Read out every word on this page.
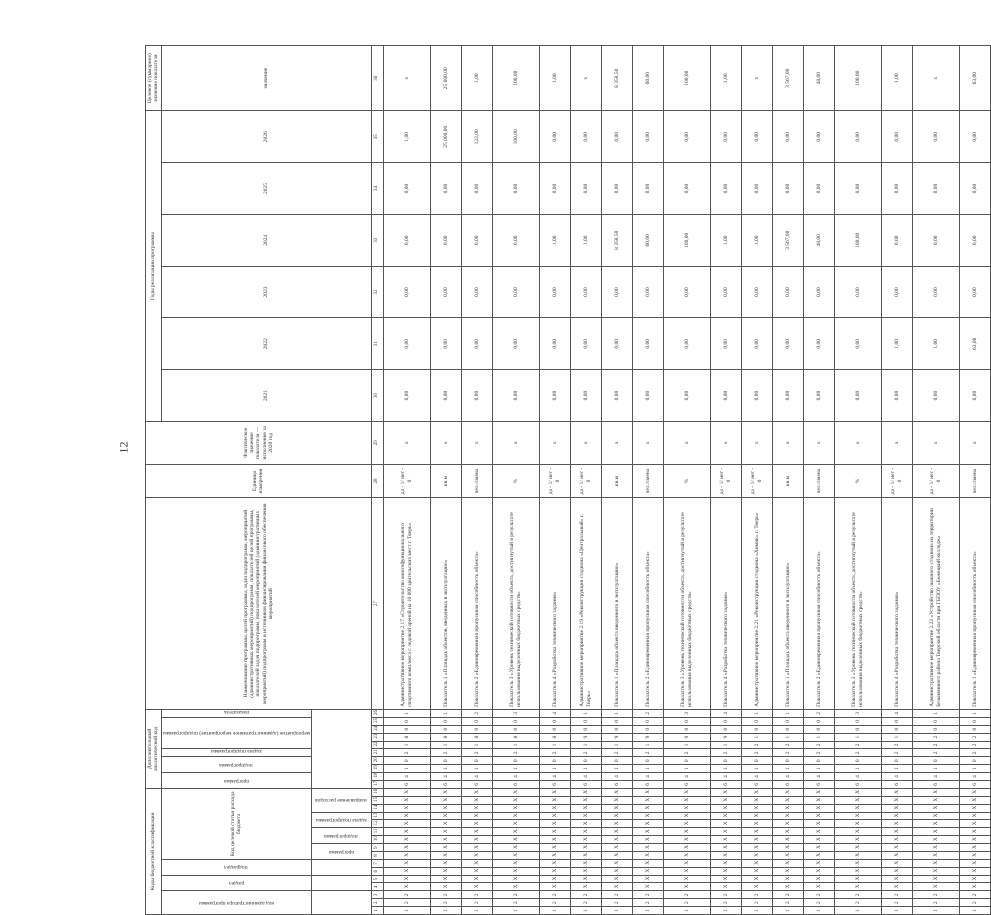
12
Коды бюджетной классификации																Дополнительный аналитический код										Наименование программы, целей программы, задач подпрограмм, мероприятий (административных мероприятий) подпрограмм, показателей целей программы, показателей задач подпрограмм, показателей мероприятий (административных мероприятий) подпрограмм и источников финансирования финансового обеспечения мероприятий	Единица измерения	Фактическое значение показателя — исполнение за 2020 год	Годы реализации программы						Целевое (суммарное) значение показателя

код администратора программы			раздел		подраздел		Код целевой статьи расхода бюджета									программа		подпрограмма		задача подпрограммы	мероприятие (административное мероприятие) подпрограммы				показатель				2021	2022	2023	2024	2025	2026	значение

							программа		подпрограмма		задача подпрограммы		направление расходов																						

1	2	3	4	5	6	7	8	9	10	11	12	13	14	15	16	17	18	19	20	21	22	23	24	25	26	27	28	29	30	31	32	33	34	35	36
1	2	2	X	X	X	X	X	X	X	X	X	X	X	X	X	6	4	1	0	2	1	8	0	0	1	Административное мероприятие 2.17 «Строительство многофункционального спортивного комплекса с ледовой ареной на 10 000 зрительских мест г. Тверь»	да - 1/ нет - 0	x	0,00	0,00	0,00	0,00	0,00	1,00	x
1	2	2	X	X	X	X	X	X	X	X	X	X	X	X	X	6	4	1	0	2	1	8	0	0	1	Показатель 1 «Площадь объектов, введенных в эксплуатацию»	кв.м	x	0,00	0,00	0,00	0,00	0,00	25 000,00	25 000,00
1	2	2	X	X	X	X	X	X	X	X	X	X	X	X	X	6	4	1	0	2	1	8	0	0	2	Показатель 2 «Единовременная пропускная способность объекта»	чел./смена	x	0,00	0,00	0,00	0,00	0,00	122,00	1,00
1	2	2	X	X	X	X	X	X	X	X	X	X	X	X	X	6	4	1	0	2	1	8	0	0	3	Показатель 3 «Уровень технической готовности объекта, достигнутый в результате использования выделенных бюджетных средств»	%	x	0,00	0,00	0,00	0,00	0,00	100,00	100,00
1	2	2	X	X	X	X	X	X	X	X	X	X	X	X	X	6	4	1	0	2	1	8	0	0	4	Показатель 4 «Разработка технического задания»	да - 1/ нет - 0	x	0,00	0,00	0,00	1,00	0,00	0,00	1,00
1	2	2	X	X	X	X	X	X	X	X	X	X	X	X	X	6	4	1	0	2	1	9	0	0	1	Административное мероприятие 2.19 «Реконструкция стадиона «Центральный» г. Тверь»	да - 1/ нет - 0	x	0,00	0,00	0,00	1,00	0,00	0,00	x
1	2	2	X	X	X	X	X	X	X	X	X	X	X	X	X	6	4	1	0	2	1	9	0	0	1	Показатель 1 «Площадь объекта введенного в эксплуатацию»	кв.м	x	0,00	0,00	0,00	8 358,50	0,00	0,00	8 358,50
1	2	2	X	X	X	X	X	X	X	X	X	X	X	X	X	6	4	1	0	2	1	9	0	0	2	Показатель 2 «Единовременная пропускная способность объекта»	чел./смена	x	0,00	0,00	0,00	60,00	0,00	0,00	60,00
1	2	2	X	X	X	X	X	X	X	X	X	X	X	X	X	6	4	1	0	2	1	9	0	0	3	Показатель 3 «Уровень технической готовности объекта, достигнутый в результате использования выделенных бюджетных средств»	%	x	0,00	0,00	0,00	100,00	0,00	0,00	100,00
1	2	2	X	X	X	X	X	X	X	X	X	X	X	X	X	6	4	1	0	2	1	9	0	0	4	Показатель 4 «Разработка технического задания»	да - 1/ нет - 0	x	0,00	0,00	0,00	1,00	0,00	0,00	1,00
1	2	2	X	X	X	X	X	X	X	X	X	X	X	X	X	6	4	1	0	2	2	1	0	0	1	Административное мероприятие 2.21 «Реконструкция стадиона «Химик» г. Тверь»	да - 1/ нет - 0	x	0,00	0,00	0,00	1,00	0,00	0,00	x
1	2	2	X	X	X	X	X	X	X	X	X	X	X	X	X	6	4	1	0	2	2	1	0	0	1	Показатель 1 «Площадь объекта введенного в эксплуатацию»	кв.м	x	0,00	0,00	0,00	3 567,00	0,00	0,00	3 567,00
1	2	2	X	X	X	X	X	X	X	X	X	X	X	X	X	6	4	1	0	2	2	1	0	0	2	Показатель 2 «Единовременная пропускная способность объекта»	чел./смена	x	0,00	0,00	0,00	48,00	0,00	0,00	48,00
1	2	2	X	X	X	X	X	X	X	X	X	X	X	X	X	6	4	1	0	2	2	1	0	0	3	Показатель 3 «Уровень технической готовности объекта, достигнутый в результате использования выделенных бюджетных средств»	%	x	0,00	0,00	0,00	100,00	0,00	0,00	100,00
1	2	2	X	X	X	X	X	X	X	X	X	X	X	X	X	6	4	1	0	2	2	1	0	0	4	Показатель 4 «Разработка технического задания»	да - 1/ нет - 0	x	0,00	1,00	0,00	0,00	0,00	0,00	1,00
1	2	2	X	X	X	X	X	X	X	X	X	X	X	X	X	6	4	1	0	2	2	2	0	0	1	Административное мероприятие 2.22 «Устройство лыжного стадиона на территории Безымянного района Тверской области при ГБПОУ «Бежецкий колледж»	да - 1/ нет - 0	x	0,00	1,00	0,00	0,00	0,00	0,00	x
1	2	2	X	X	X	X	X	X	X	X	X	X	X	X	X	6	4	1	0	2	2	2	0	0	1	Показатель 1 «Единовременная пропускная способность объекта»	чел./смена	x	0,00	63,00	0,00	0,00	0,00	0,00	63,00
